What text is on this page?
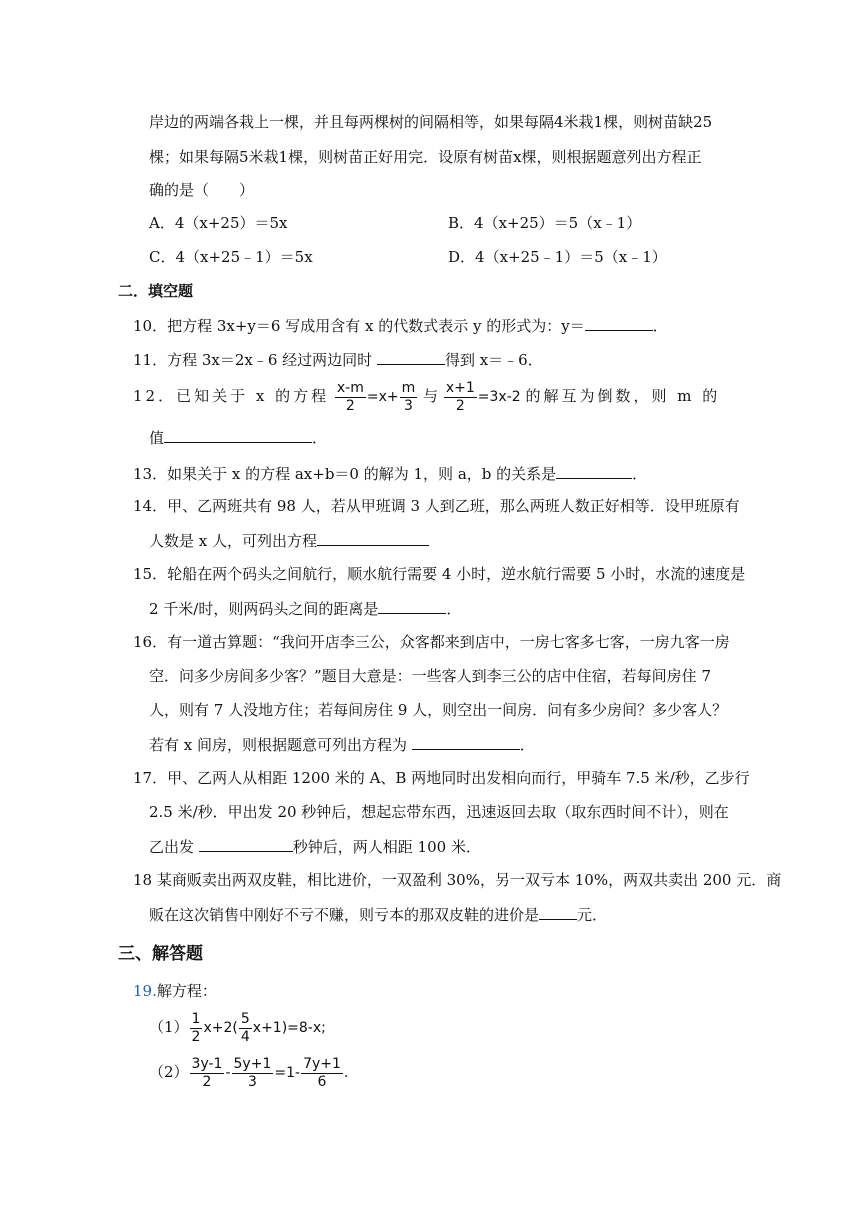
岸边的两端各栽上一棵，并且每两棵树的间隔相等，如果每隔4米栽1棵，则树苗缺25
棵；如果每隔5米栽1棵，则树苗正好用完．设原有树苗x棵，则根据题意列出方程正
确的是（　　）
A．4（x+25）＝5x	B．4（x+25）＝5（x﹣1）
C．4（x+25﹣1）＝5x	D．4（x+25﹣1）＝5（x﹣1）
二．填空题
10．把方程 3x+y＝6 写成用含有 x 的代数式表示 y 的形式为：y＝	．
11．方程 3x＝2x﹣6 经过两边同时	得到 x＝﹣6．
12．已知关于 x 的方程 $\frac{x-m}{2} =x+ \frac{m}{3}$ 与 $\frac{x+1}{2} =3x-2$ 的解互为倒数，则 m 的
值	．
13．如果关于 x 的方程 ax+b＝0 的解为 1，则 a，b 的关系是	．
14．甲、乙两班共有 98 人，若从甲班调 3 人到乙班，那么两班人数正好相等．设甲班原有
人数是 x 人，可列出方程
15．轮船在两个码头之间航行，顺水航行需要 4 小时，逆水航行需要 5 小时，水流的速度是
2 千米/时，则两码头之间的距离是	．
16．有一道古算题：“我问开店李三公，众客都来到店中，一房七客多七客，一房九客一房
空．问多少房间多少客？”题目大意是：一些客人到李三公的店中住宿，若每间房住 7
人，则有 7 人没地方住；若每间房住 9 人，则空出一间房．问有多少房间？多少客人？
若有 x 间房，则根据题意可列出方程为	．
17．甲、乙两人从相距 1200 米的 A、B 两地同时出发相向而行，甲骑车 7.5 米/秒，乙步行
2.5 米/秒．甲出发 20 秒钟后，想起忘带东西，迅速返回去取（取东西时间不计），则在
乙出发	秒钟后，两人相距 100 米．
18 某商贩卖出两双皮鞋，相比进价，一双盈利 30%，另一双亏本 10%，两双共卖出 200 元．商
贩在这次销售中刚好不亏不赚，则亏本的那双皮鞋的进价是	元．
三、解答题
19.解方程：
$(1) \frac{1}{2} x+2( \frac{5}{4} x+1)=8-x$;
$(2) \frac{3y-1}{2} - \frac{5y+1}{3} =1- \frac{7y+1}{6}$ .
